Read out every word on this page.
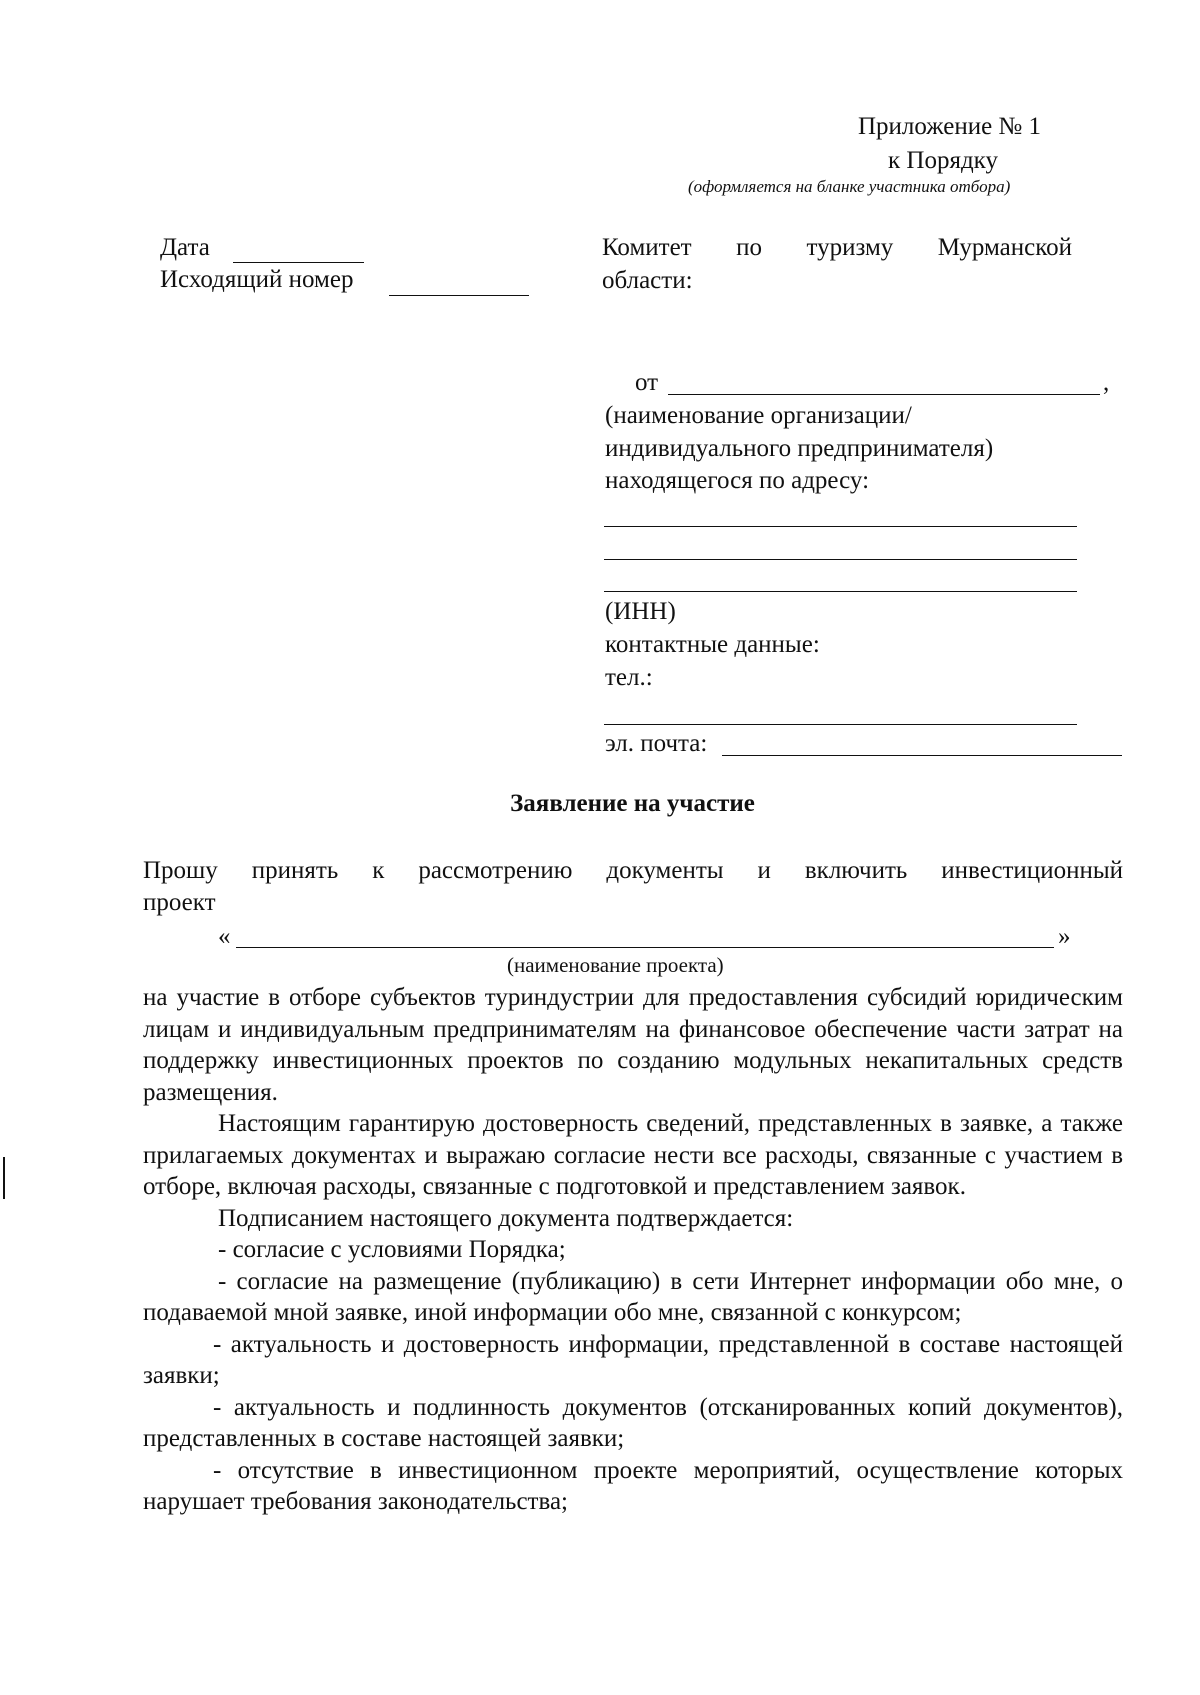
Приложение № 1
к Порядку
(оформляется на бланке участника отбора)
Дата
Исходящий номер
Комитет по туризму Мурманской
области:
от	,
(наименование организации/
индивидуального предпринимателя)
находящегося по адресу:
(ИНН)
контактные данные:
тел.:
эл. почта:
Заявление на участие
Прошу принять к рассмотрению документы и включить инвестиционный
проект
«	»
(наименование проекта)

на участие в отборе субъектов туриндустрии для предоставления субсидий юридическим лицам и индивидуальным предпринимателям на финансовое обеспечение части затрат на поддержку инвестиционных проектов по созданию модульных некапитальных средств размещения.

Настоящим гарантирую достоверность сведений, представленных в заявке, а также прилагаемых документах и выражаю согласие нести все расходы, связанные с участием в отборе, включая расходы, связанные с подготовкой и представлением заявок.

Подписанием настоящего документа подтверждается:

- согласие с условиями Порядка;

- согласие на размещение (публикацию) в сети Интернет информации обо мне, о подаваемой мной заявке, иной информации обо мне, связанной с конкурсом;

- актуальность и достоверность информации, представленной в составе настоящей заявки;

- актуальность и подлинность документов (отсканированных копий документов), представленных в составе настоящей заявки;

- отсутствие в инвестиционном проекте мероприятий, осуществление которых нарушает требования законодательства;
